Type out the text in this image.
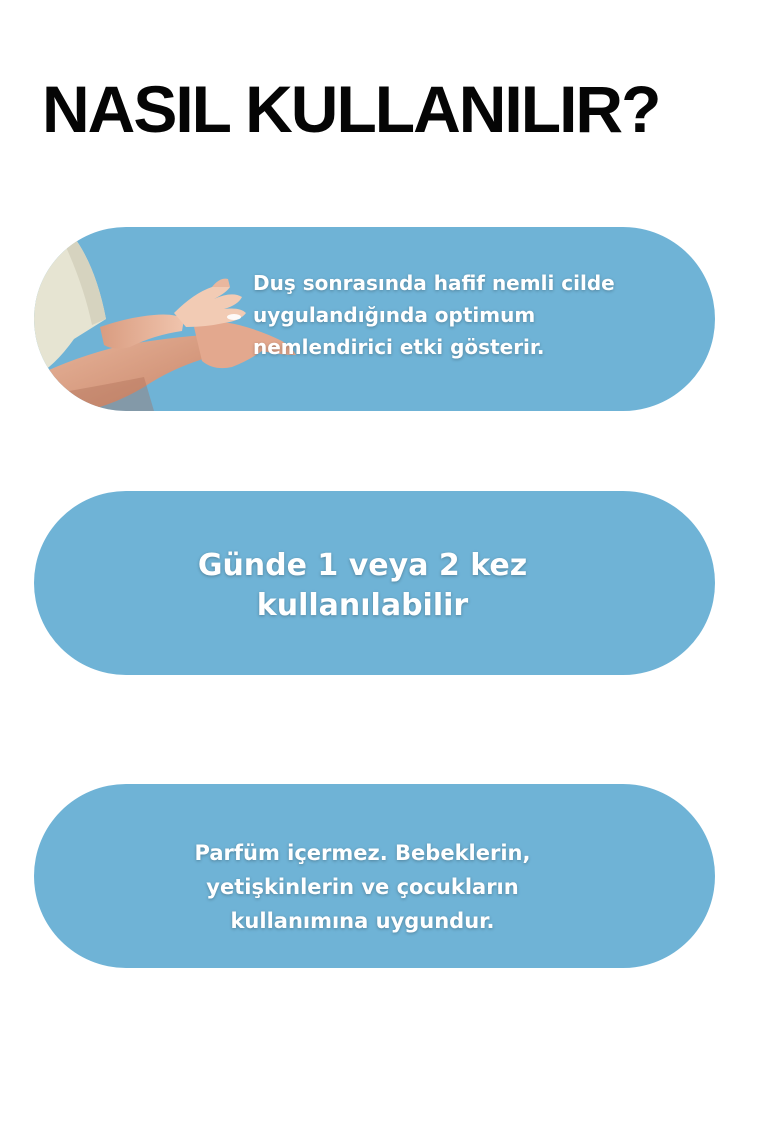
NASIL KULLANILIR?
Duş sonrasında hafif nemli cilde
uygulandığında optimum
nemlendirici etki gösterir.
Günde 1 veya 2 kez
kullanılabilir
Parfüm içermez. Bebeklerin,
yetişkinlerin ve çocukların
kullanımına uygundur.
